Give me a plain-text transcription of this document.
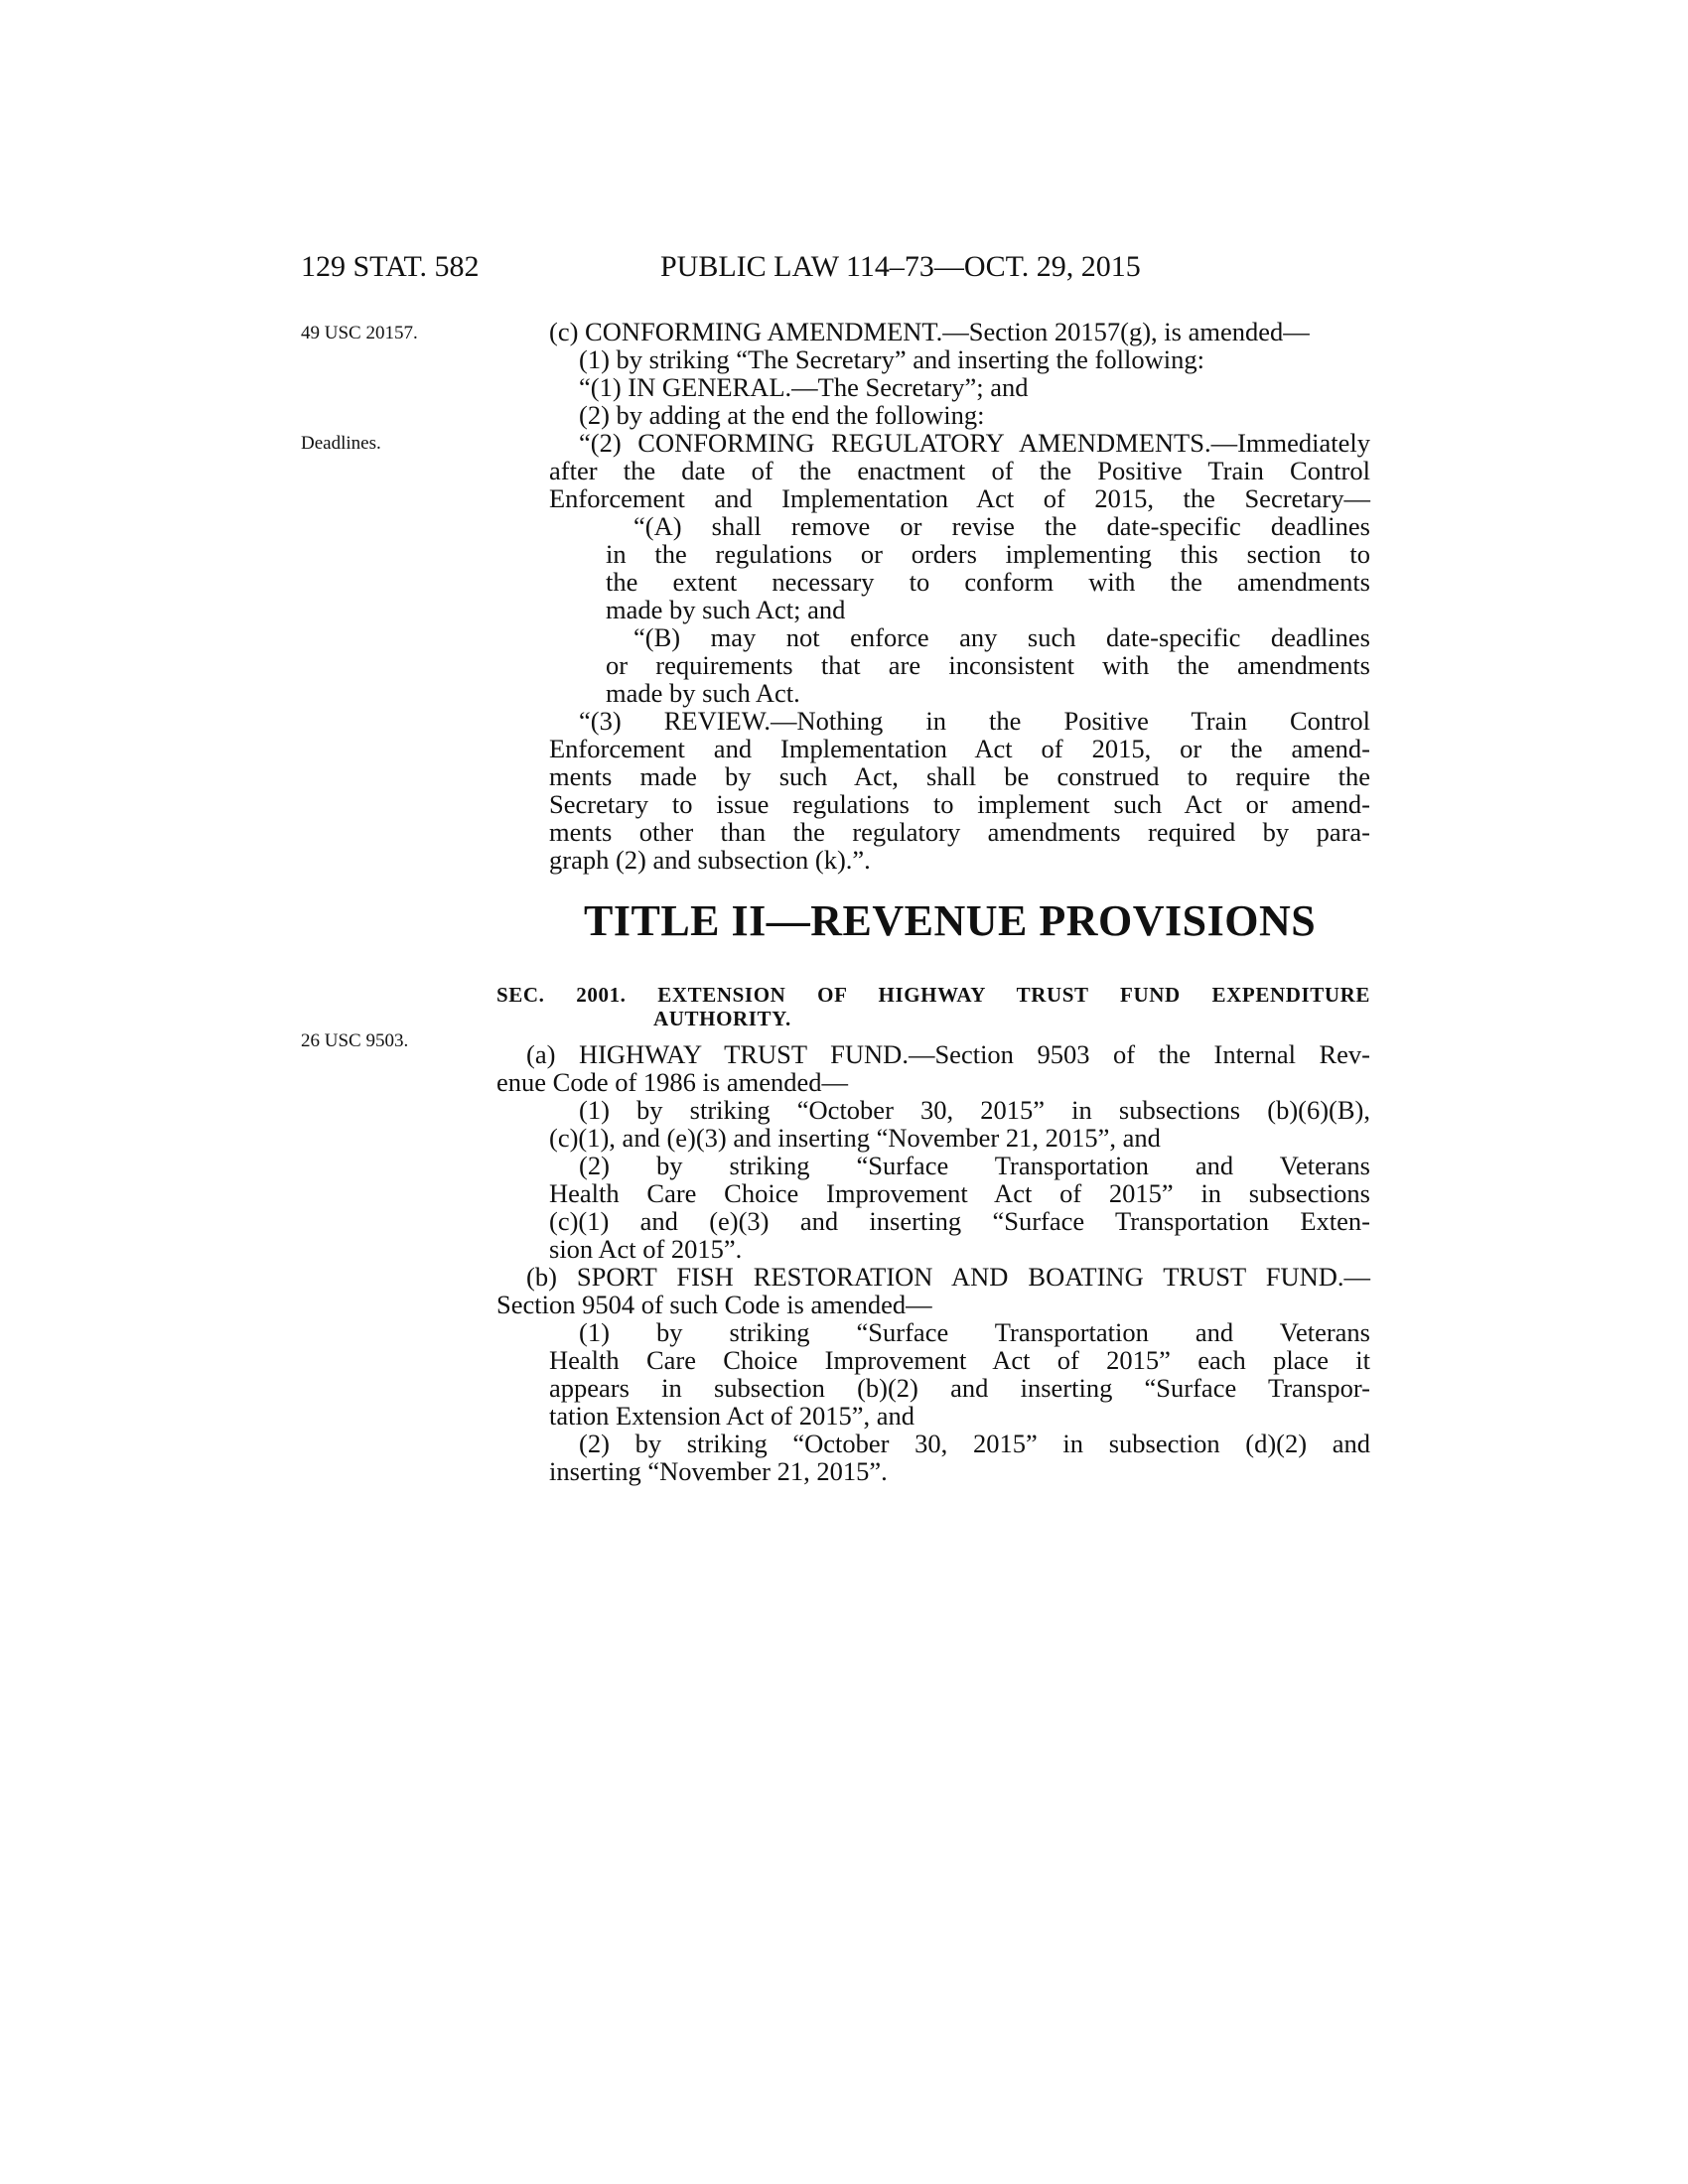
129 STAT. 582	PUBLIC LAW 114–73—OCT. 29, 2015
49 USC 20157.
Deadlines.
26 USC 9503.
(c) CONFORMING AMENDMENT.—Section 20157(g), is amended—
(1) by striking “The Secretary” and inserting the following:
“(1) IN GENERAL.—The Secretary”; and
(2) by adding at the end the following:
“(2) CONFORMING REGULATORY AMENDMENTS.—Immediately
after the date of the enactment of the Positive Train Control
Enforcement and Implementation Act of 2015, the Secretary—
“(A) shall remove or revise the date-specific deadlines
in the regulations or orders implementing this section to
the extent necessary to conform with the amendments
made by such Act; and
“(B) may not enforce any such date-specific deadlines
or requirements that are inconsistent with the amendments
made by such Act.
“(3) REVIEW.—Nothing in the Positive Train Control
Enforcement and Implementation Act of 2015, or the amend-
ments made by such Act, shall be construed to require the
Secretary to issue regulations to implement such Act or amend-
ments other than the regulatory amendments required by para-
graph (2) and subsection (k).”.
TITLE II—REVENUE PROVISIONS
SEC. 2001. EXTENSION OF HIGHWAY TRUST FUND EXPENDITURE
AUTHORITY.
(a) HIGHWAY TRUST FUND.—Section 9503 of the Internal Rev-
enue Code of 1986 is amended—
(1) by striking “October 30, 2015” in subsections (b)(6)(B),
(c)(1), and (e)(3) and inserting “November 21, 2015”, and
(2) by striking “Surface Transportation and Veterans
Health Care Choice Improvement Act of 2015” in subsections
(c)(1) and (e)(3) and inserting “Surface Transportation Exten-
sion Act of 2015”.
(b) SPORT FISH RESTORATION AND BOATING TRUST FUND.—
Section 9504 of such Code is amended—
(1) by striking “Surface Transportation and Veterans
Health Care Choice Improvement Act of 2015” each place it
appears in subsection (b)(2) and inserting “Surface Transpor-
tation Extension Act of 2015”, and
(2) by striking “October 30, 2015” in subsection (d)(2) and
inserting “November 21, 2015”.
